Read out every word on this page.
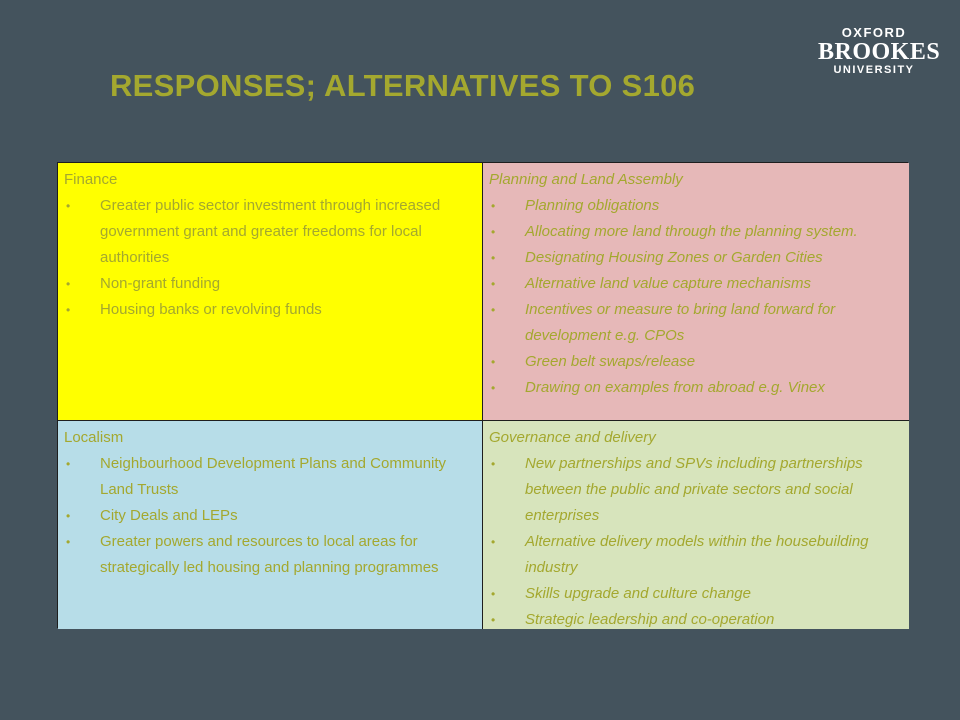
OXFORD
BROOKES
UNIVERSITY
RESPONSES; ALTERNATIVES TO S106

Finance

• Greater public sector investment through increased government grant and greater freedoms for local authorities
• Non-grant funding
• Housing banks or revolving funds

Planning and Land Assembly

• Planning obligations
• Allocating more land through the planning system.
• Designating Housing Zones or Garden Cities
• Alternative land value capture mechanisms
• Incentives or measure to bring land forward for development e.g. CPOs
• Green belt swaps/release
• Drawing on examples from abroad e.g. Vinex

Localism

• Neighbourhood Development Plans and Community Land Trusts
• City Deals and LEPs
• Greater powers and resources to local areas for strategically led housing and planning programmes

Governance and delivery

• New partnerships and SPVs including partnerships between the public and private sectors and social enterprises
• Alternative delivery models within the housebuilding industry
• Skills upgrade and culture change
• Strategic leadership and co-operation
